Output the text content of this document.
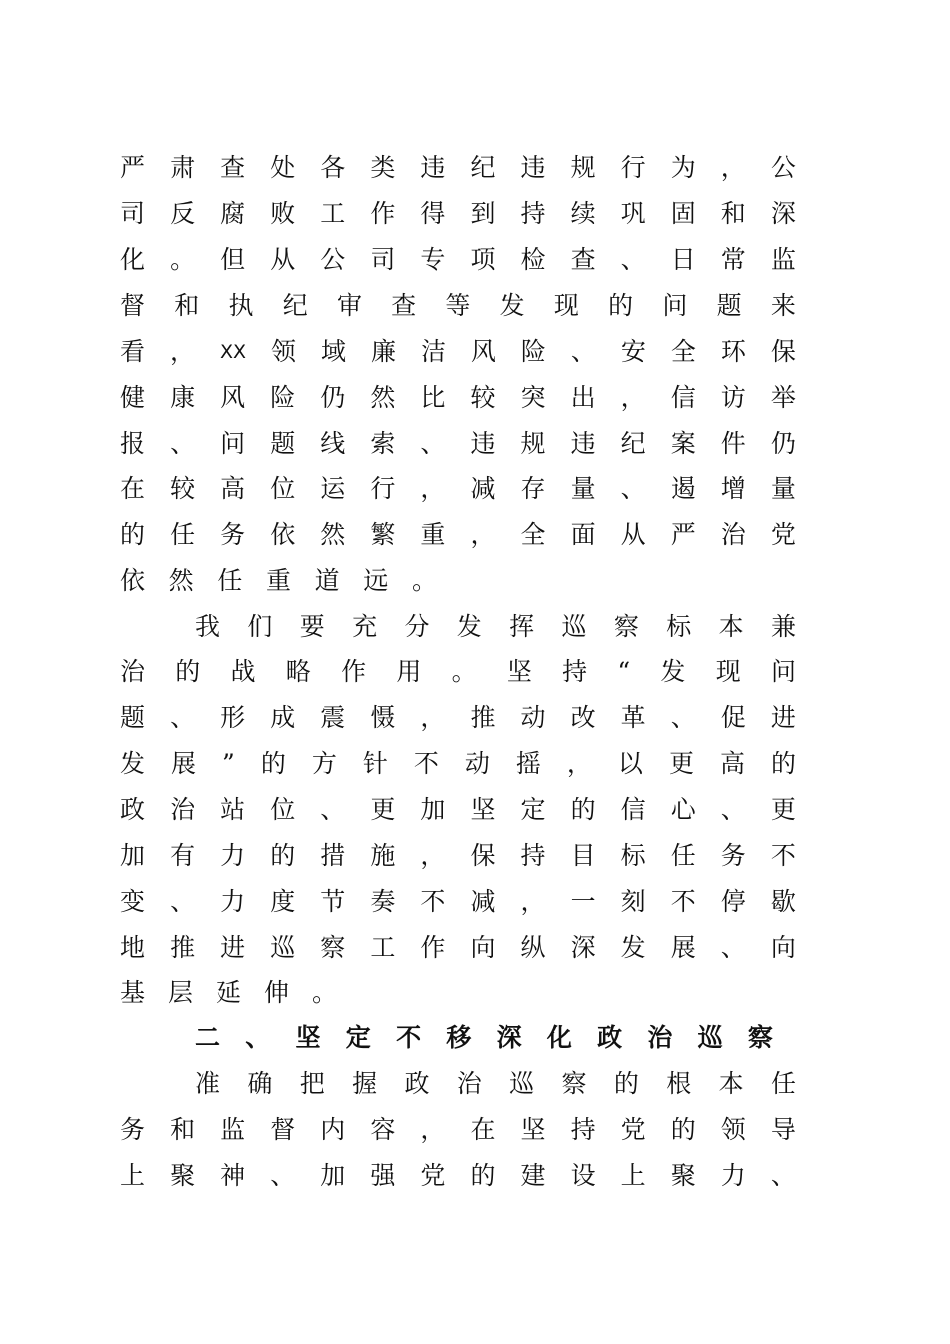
严 肃 查 处 各 类 违 纪 违 规 行 为 ， 公
司 反 腐 败 工 作 得 到 持 续 巩 固 和 深
化 。 但 从 公 司 专 项 检 查 、 日 常 监
督 和 执 纪 审 查 等 发 现 的 问 题 来
看 ， XX 领 域 廉 洁 风 险 、 安 全 环 保
健 康 风 险 仍 然 比 较 突 出 ， 信 访 举
报 、 问 题 线 索 、 违 规 违 纪 案 件 仍
在 较 高 位 运 行 ， 减 存 量 、 遏 增 量
的 任 务 依 然 繁 重 ， 全 面 从 严 治 党
依 然 任 重 道 远 。
我 们 要 充 分 发 挥 巡 察 标 本 兼
治 的 战 略 作 用 。 坚 持 “ 发 现 问
题 、 形 成 震 慑 ， 推 动 改 革 、 促 进
发 展 ” 的 方 针 不 动 摇 ， 以 更 高 的
政 治 站 位 、 更 加 坚 定 的 信 心 、 更
加 有 力 的 措 施 ， 保 持 目 标 任 务 不
变 、 力 度 节 奏 不 减 ， 一 刻 不 停 歇
地 推 进 巡 察 工 作 向 纵 深 发 展 、 向
基 层 延 伸 。
二 、 坚 定 不 移 深 化 政 治 巡 察
准 确 把 握 政 治 巡 察 的 根 本 任
务 和 监 督 内 容 ， 在 坚 持 党 的 领 导
上 聚 神 、 加 强 党 的 建 设 上 聚 力 、
